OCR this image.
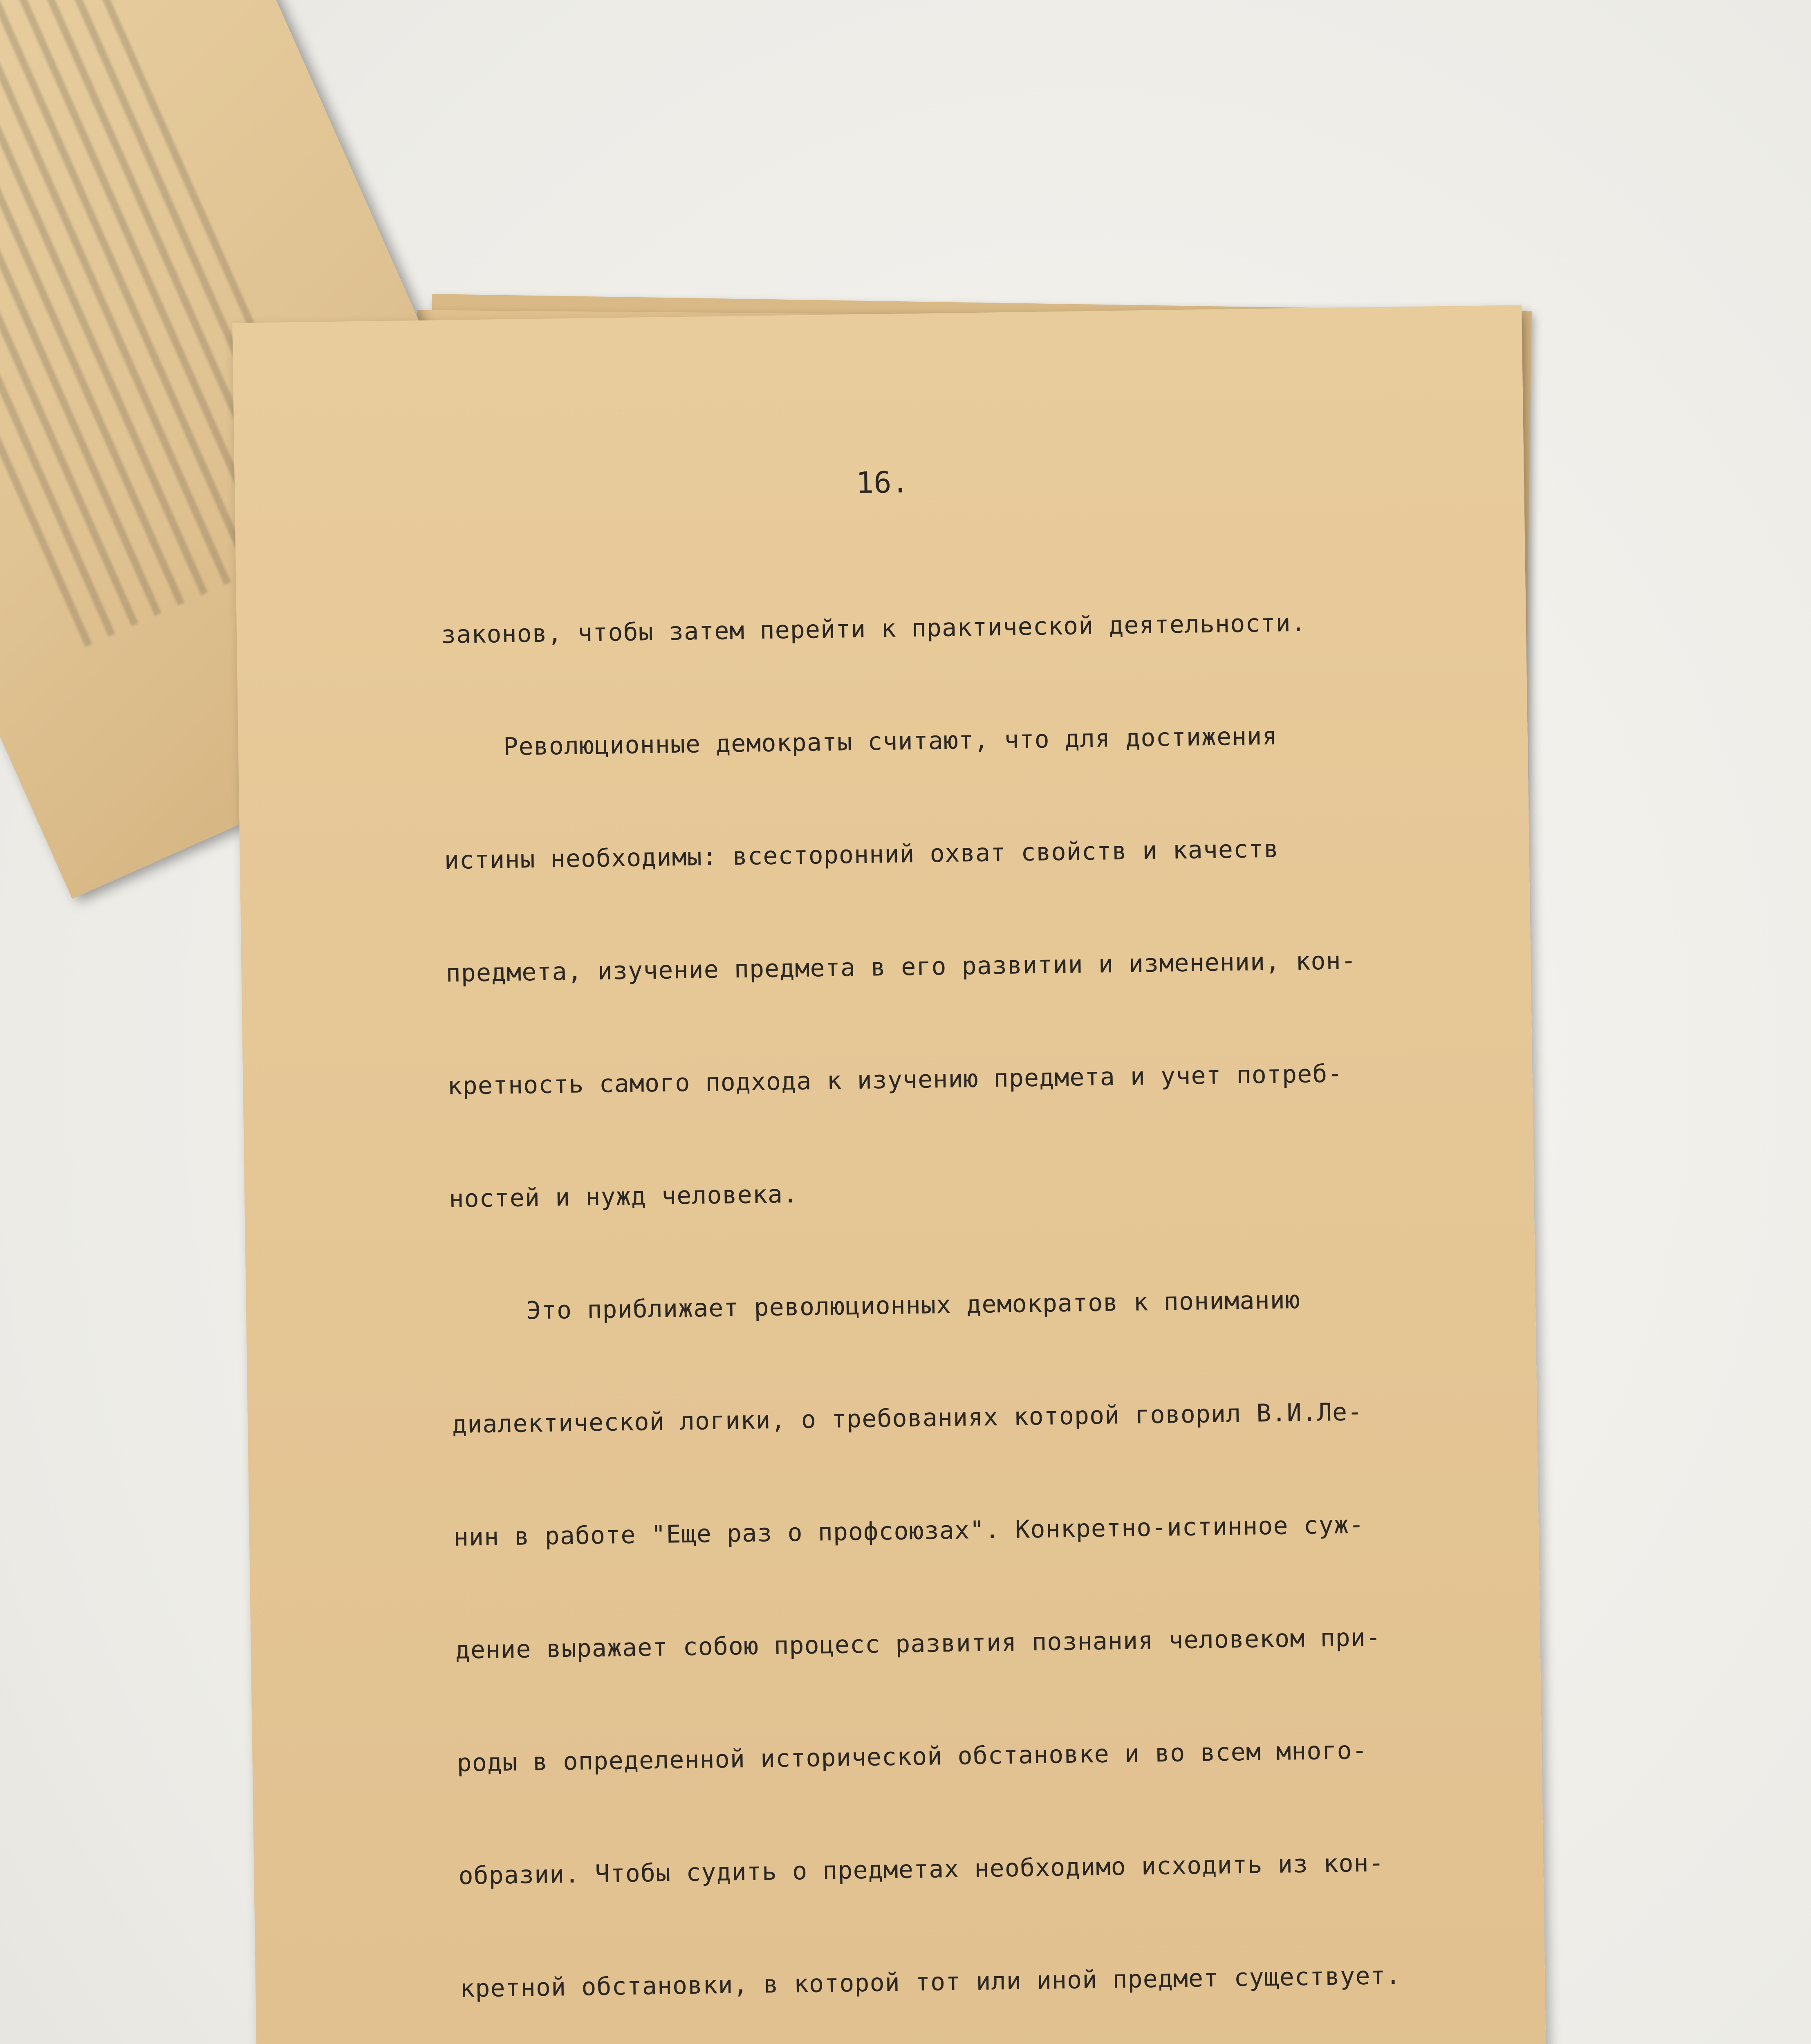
16.

законов, чтобы затем перейти к практической деятельности.

Революционные демократы считают, что для достижения

истины необходимы: всесторонний охват свойств и качеств

предмета, изучение предмета в его развитии и изменении, кон-

кретность самого подхода к изучению предмета и учет потреб-

ностей и нужд человека.

Это приближает революционных демократов к пониманию

диалектической логики, о требованиях которой говорил В.И.Ле-

нин в работе "Еще раз о профсоюзах". Конкретно-истинное суж-

дение выражает собою процесс развития познания человеком при-

роды в определенной исторической обстановке и во всем много-

образии. Чтобы судить о предметах необходимо исходить из кон-

кретной обстановки, в которой тот или иной предмет существует.
